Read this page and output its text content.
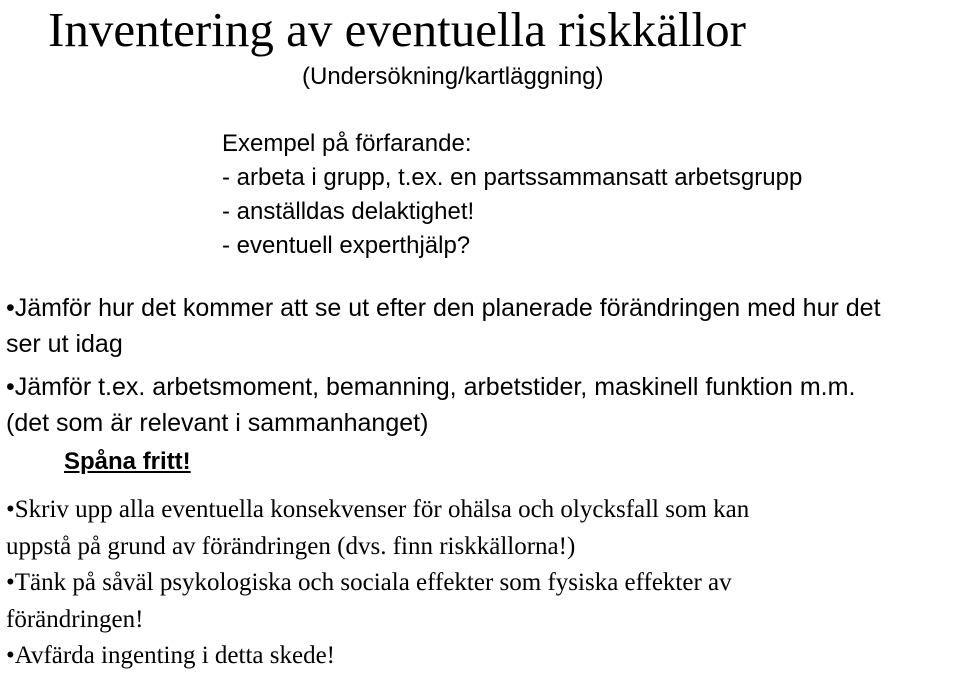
Inventering av eventuella riskkällor
(Undersökning/kartläggning)
Exempel på förfarande:
- arbeta i grupp, t.ex. en partssammansatt arbetsgrupp
- anställdas delaktighet!
- eventuell experthjälp?
•Jämför hur det kommer att se ut efter den planerade förändringen med hur det
ser ut idag
•Jämför t.ex. arbetsmoment, bemanning, arbetstider, maskinell funktion m.m.
(det som är relevant i sammanhanget)
Spåna fritt!
•Skriv upp alla eventuella konsekvenser för ohälsa och olycksfall som kan
uppstå på grund av förändringen (dvs. finn riskkällorna!)
•Tänk på såväl psykologiska och sociala effekter som fysiska effekter av
förändringen!
•Avfärda ingenting i detta skede!
